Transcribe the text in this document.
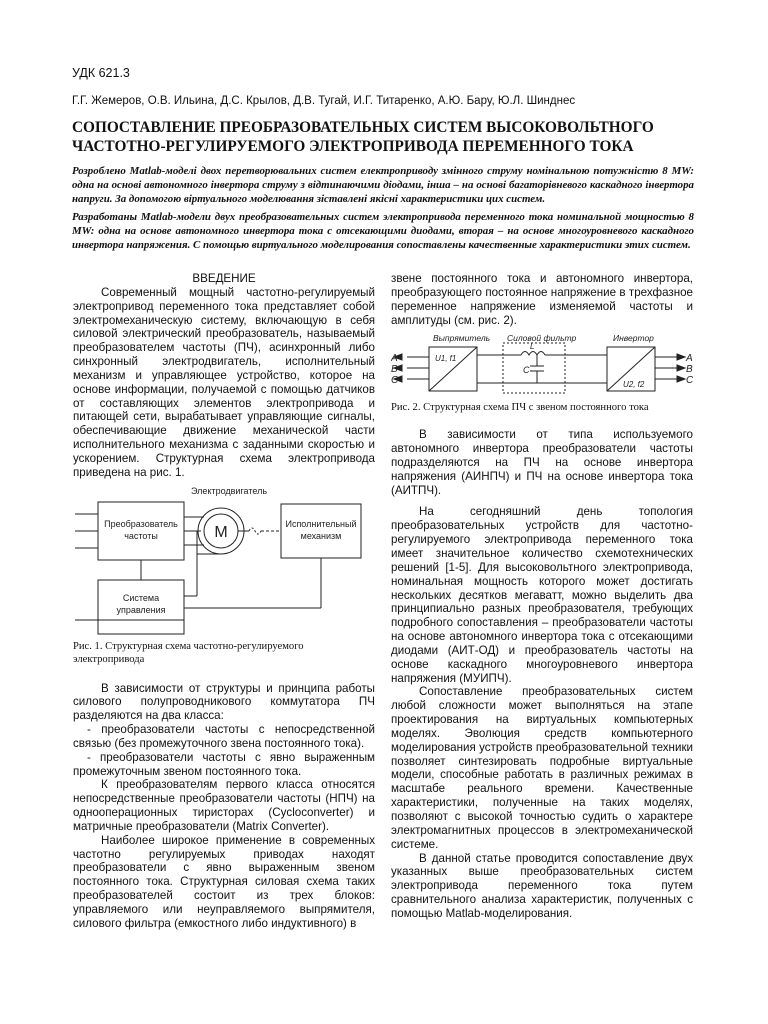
УДК 621.3
Г.Г. Жемеров, О.В. Ильина, Д.С. Крылов, Д.В. Тугай, И.Г. Титаренко, А.Ю. Бару, Ю.Л. Шинднес
СОПОСТАВЛЕНИЕ ПРЕОБРАЗОВАТЕЛЬНЫХ СИСТЕМ ВЫСОКОВОЛЬТНОГО ЧАСТОТНО-РЕГУЛИРУЕМОГО ЭЛЕКТРОПРИВОДА ПЕРЕМЕННОГО ТОКА

Розроблено Matlab-моделі двох перетворювальних систем електроприводу змінного струму номінальною потужністю 8 MW: одна на основі автономного інвертора струму з відтинаючими діодами, інша – на основі багаторівневого каскадного інвертора напруги. За допомогою віртуального моделювання зіставлені якісні характеристики цих систем.

Разработаны Matlab-модели двух преобразовательных систем электропривода переменного тока номинальной мощностью 8 MW: одна на основе автономного инвертора тока с отсекающими диодами, вторая – на основе многоуровневого каскадного инвертора напряжения. С помощью виртуального моделирования сопоставлены качественные характеристики этих систем.

ВВЕДЕНИЕ

Современный мощный частотно-регулируемый электропривод переменного тока представляет собой электромеханическую систему, включающую в себя силовой электрический преобразователь, называемый преобразователем частоты (ПЧ), асинхронный либо синхронный электродвигатель, исполнительный механизм и управляющее устройство, которое на основе информации, получаемой с помощью датчиков от составляющих элементов электропривода и питающей сети, вырабатывает управляющие сигналы, обеспечивающие движение механической части исполнительного механизма с заданными скоростью и ускорением. Структурная схема электропривода приведена на рис. 1.

Электродвигатель
Преобразователь
частоты	M	Исполнительный
механизм
Система
управления

Рис. 1. Структурная схема частотно-регулируемого

электропривода

В зависимости от структуры и принципа работы силового полупроводникового коммутатора ПЧ разделяются на два класса:

- преобразователи частоты с непосредственной связью (без промежуточного звена постоянного тока).

- преобразователи частоты с явно выраженным промежуточным звеном постоянного тока.

К преобразователям первого класса относятся непосредственные преобразователи частоты (НПЧ) на однооперационных тиристорах (Cycloconverter) и матричные преобразователи (Matrix Converter).

Наиболее широкое применение в современных частотно регулируемых приводах находят преобразователи с явно выраженным звеном постоянного тока. Структурная силовая схема таких преобразователей состоит из трех блоков: управляемого или неуправляемого выпрямителя, силового фильтра (емкостного либо индуктивного) в

звене постоянного тока и автономного инвертора, преобразующего постоянное напряжение в трехфазное переменное напряжение изменяемой частоты и амплитуды (см. рис. 2).

Выпрямитель Силовой фильтр	Инвертор
U1, f1
U2, f2
C
L
A
B
C
A
B
C

Рис. 2. Структурная схема ПЧ с звеном постоянного тока

В зависимости от типа используемого автономного инвертора преобразователи частоты подразделяются на ПЧ на основе инвертора напряжения (АИНПЧ) и ПЧ на основе инвертора тока (АИТПЧ).

На сегодняшний день топология преобразовательных устройств для частотно-регулируемого электропривода переменного тока имеет значительное количество схемотехнических решений [1-5]. Для высоковольтного электропривода, номинальная мощность которого может достигать нескольких десятков мегаватт, можно выделить два принципиально разных преобразователя, требующих подробного сопоставления – преобразователи частоты на основе автономного инвертора тока с отсекающими диодами (АИТ-ОД) и преобразователь частоты на основе каскадного многоуровневого инвертора напряжения (МУИПЧ).

Сопоставление преобразовательных систем любой сложности может выполняться на этапе проектирования на виртуальных компьютерных моделях. Эволюция средств компьютерного моделирования устройств преобразовательной техники позволяет синтезировать подробные виртуальные модели, способные работать в различных режимах в масштабе реального времени. Качественные характеристики, полученные на таких моделях, позволяют с высокой точностью судить о характере электромагнитных процессов в электромеханической системе.

В данной статье проводится сопоставление двух указанных выше преобразовательных систем электропривода переменного тока путем сравнительного анализа характеристик, полученных с помощью Matlab-моделирования.
